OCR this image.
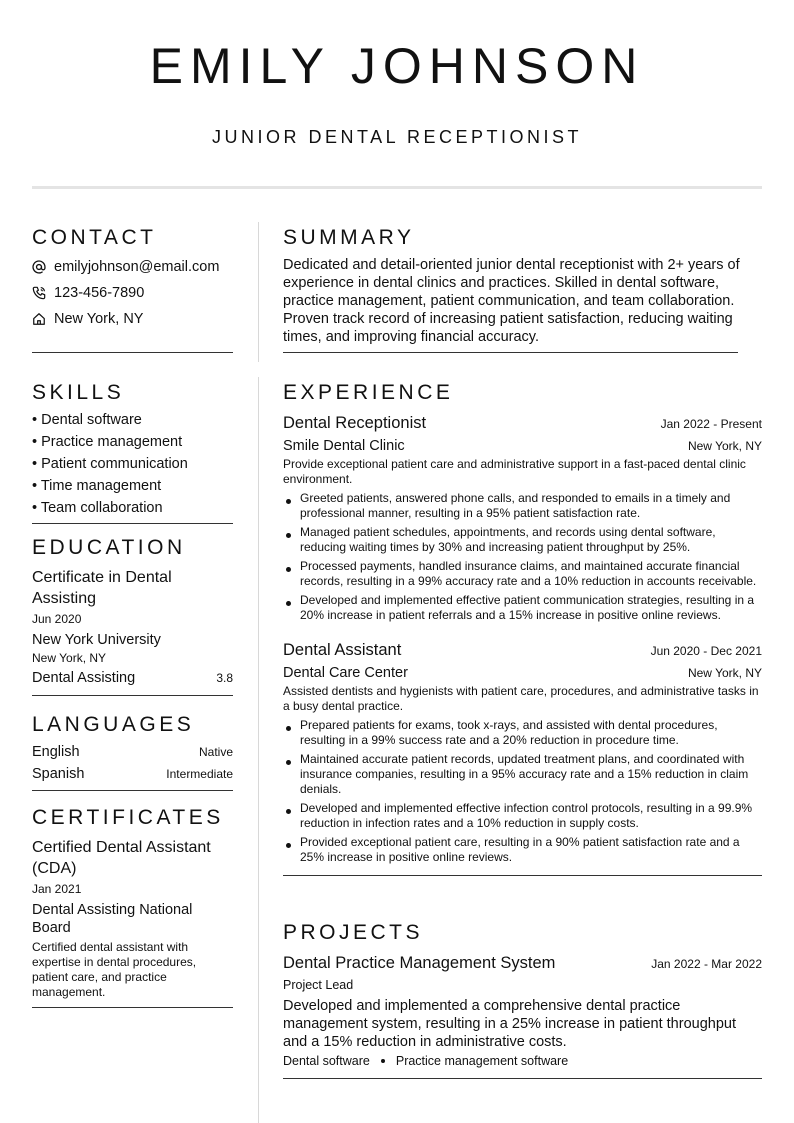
EMILY JOHNSON
JUNIOR DENTAL RECEPTIONIST
CONTACT
emilyjohnson@email.com
123-456-7890
New York, NY
SKILLS
• Dental software
• Practice management
• Patient communication
• Time management
• Team collaboration
EDUCATION
Certificate in Dental Assisting
Jun 2020
New York University
New York, NY
Dental Assisting	3.8
LANGUAGES
English	Native
Spanish	Intermediate
CERTIFICATES
Certified Dental Assistant (CDA)
Jan 2021
Dental Assisting National Board
Certified dental assistant with expertise in dental procedures, patient care, and practice management.
SUMMARY
Dedicated and detail-oriented junior dental receptionist with 2+ years of experience in dental clinics and practices. Skilled in dental software, practice management, patient communication, and team collaboration. Proven track record of increasing patient satisfaction, reducing waiting times, and improving financial accuracy.
EXPERIENCE
Dental Receptionist	Jan 2022 - Present
Smile Dental Clinic	New York, NY
Provide exceptional patient care and administrative support in a fast-paced dental clinic environment.
Greeted patients, answered phone calls, and responded to emails in a timely and professional manner, resulting in a 95% patient satisfaction rate.
Managed patient schedules, appointments, and records using dental software, reducing waiting times by 30% and increasing patient throughput by 25%.
Processed payments, handled insurance claims, and maintained accurate financial records, resulting in a 99% accuracy rate and a 10% reduction in accounts receivable.
Developed and implemented effective patient communication strategies, resulting in a 20% increase in patient referrals and a 15% increase in positive online reviews.
Dental Assistant	Jun 2020 - Dec 2021
Dental Care Center	New York, NY
Assisted dentists and hygienists with patient care, procedures, and administrative tasks in a busy dental practice.
Prepared patients for exams, took x-rays, and assisted with dental procedures, resulting in a 99% success rate and a 20% reduction in procedure time.
Maintained accurate patient records, updated treatment plans, and coordinated with insurance companies, resulting in a 95% accuracy rate and a 15% reduction in claim denials.
Developed and implemented effective infection control protocols, resulting in a 99.9% reduction in infection rates and a 10% reduction in supply costs.
Provided exceptional patient care, resulting in a 90% patient satisfaction rate and a 25% increase in positive online reviews.
PROJECTS
Dental Practice Management System	Jan 2022 - Mar 2022
Project Lead
Developed and implemented a comprehensive dental practice management system, resulting in a 25% increase in patient throughput and a 15% reduction in administrative costs.
Dental software Practice management software
